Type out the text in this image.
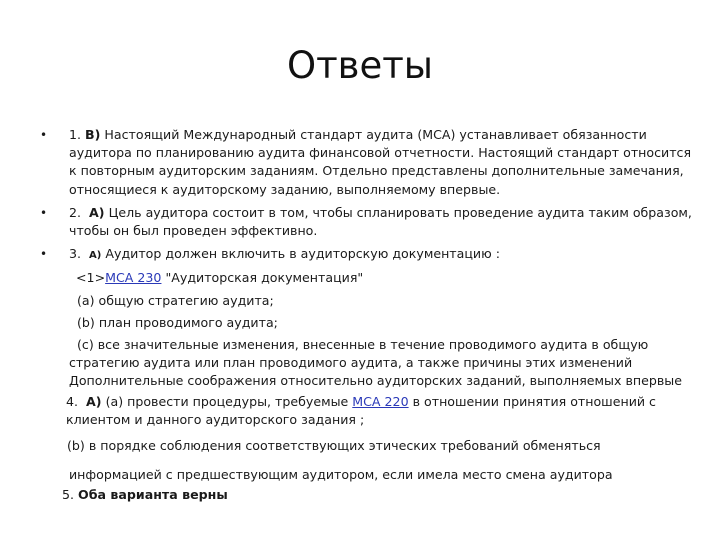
Ответы
• 1. В) Настоящий Международный стандарт аудита (МСА) устанавливает обязанности
аудитора по планированию аудита финансовой отчетности. Настоящий стандарт относится
к повторным аудиторским заданиям. Отдельно представлены дополнительные замечания,
относящиеся к аудиторскому заданию, выполняемому впервые.
• 2. А) Цель аудитора состоит в том, чтобы спланировать проведение аудита таким образом,
чтобы он был проведен эффективно.
• 3. А) Аудитор должен включить в аудиторскую документацию :
<1>МСА 230 "Аудиторская документация"
(a) общую стратегию аудита;
(b) план проводимого аудита;
(c) все значительные изменения, внесенные в течение проводимого аудита в общую
стратегию аудита или план проводимого аудита, а также причины этих изменений
Дополнительные соображения относительно аудиторских заданий, выполняемых впервые
4. А) (а) провести процедуры, требуемые МСА 220 в отношении принятия отношений с
клиентом и данного аудиторского задания ;
(b) в порядке соблюдения соответствующих этических требований обменяться
информацией с предшествующим аудитором, если имела место смена аудитора
5. Оба варианта верны
